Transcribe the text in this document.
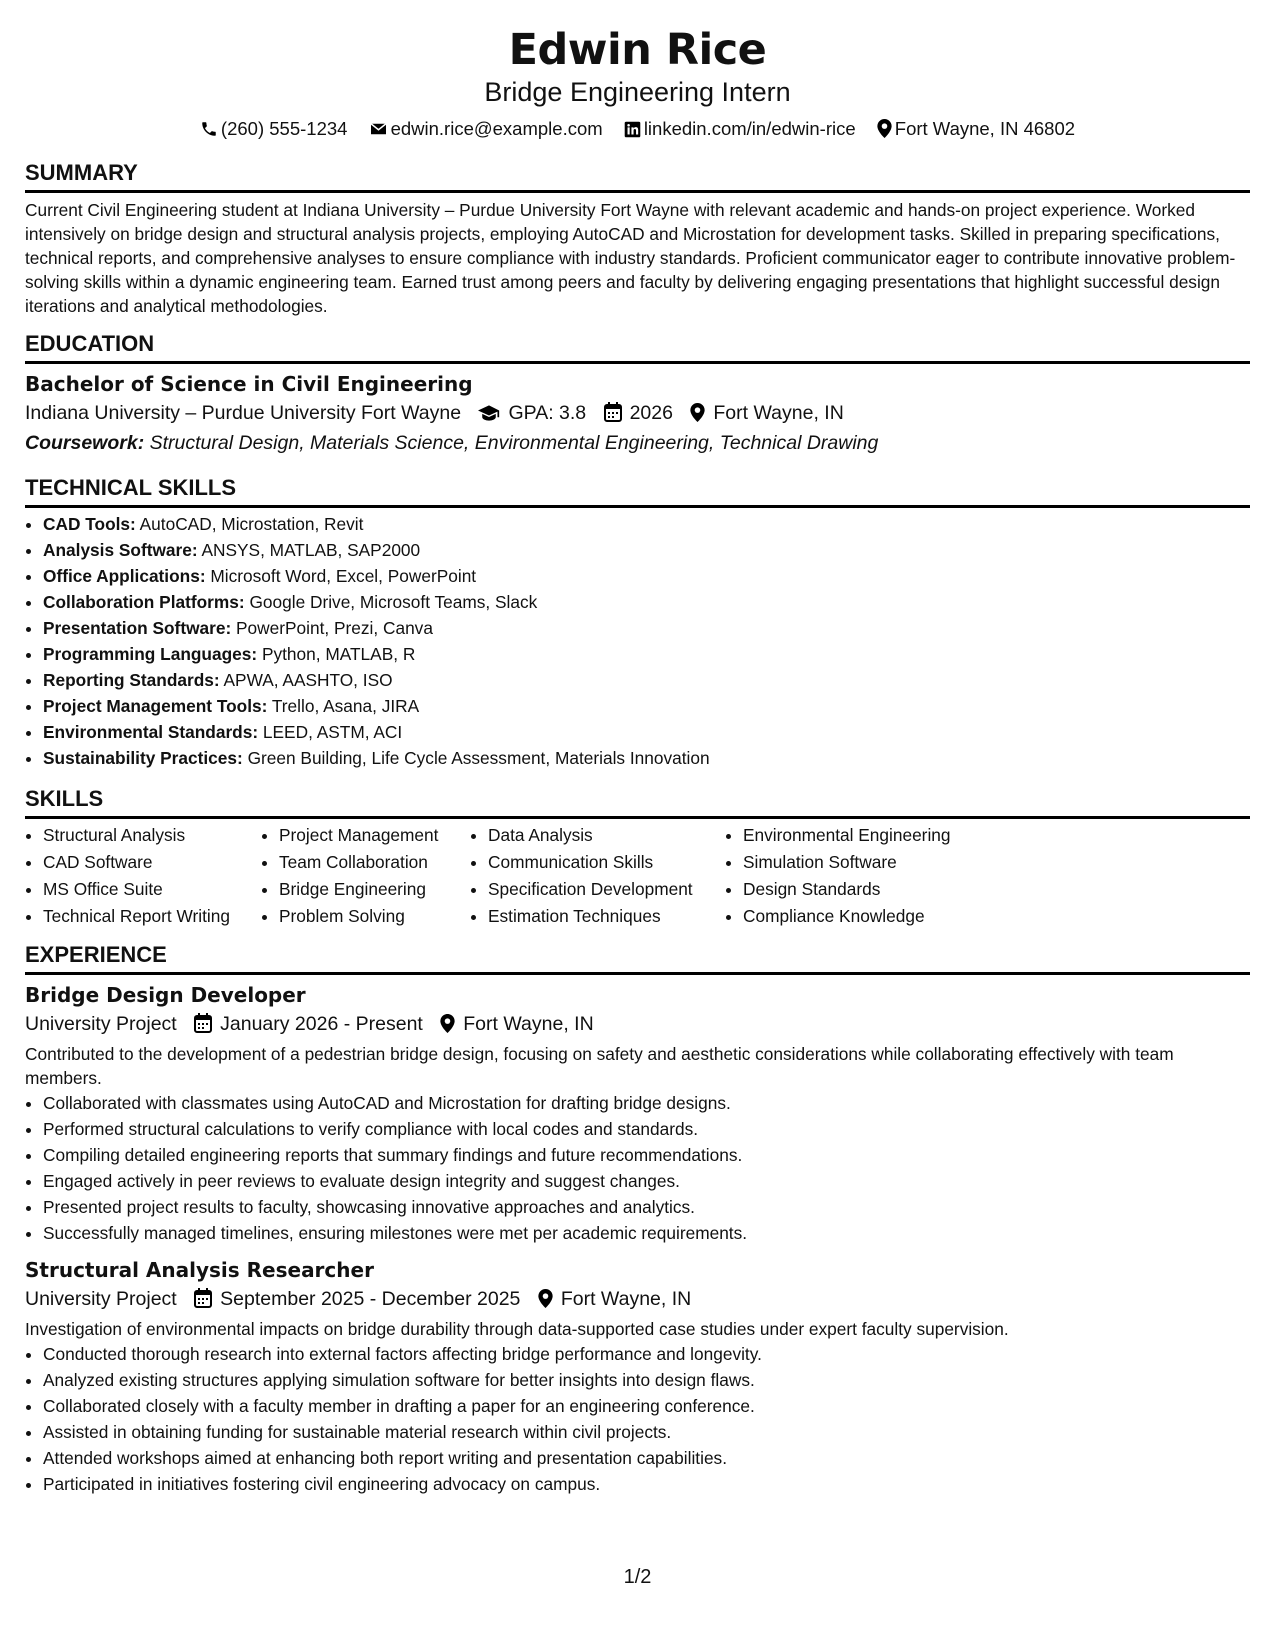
Edwin Rice
Bridge Engineering Intern
(260) 555-1234 edwin.rice@example.com linkedin.com/in/edwin-rice Fort Wayne, IN 46802
SUMMARY

Current Civil Engineering student at Indiana University – Purdue University Fort Wayne with relevant academic and hands-on project experience. Worked intensively on bridge design and structural analysis projects, employing AutoCAD and Microstation for development tasks. Skilled in preparing specifications, technical reports, and comprehensive analyses to ensure compliance with industry standards. Proficient communicator eager to contribute innovative problem-solving skills within a dynamic engineering team. Earned trust among peers and faculty by delivering engaging presentations that highlight successful design iterations and analytical methodologies.

EDUCATION
Bachelor of Science in Civil Engineering
Indiana University – Purdue University Fort Wayne GPA: 3.8 2026 Fort Wayne, IN
Coursework: Structural Design, Materials Science, Environmental Engineering, Technical Drawing
TECHNICAL SKILLS
• CAD Tools: AutoCAD, Microstation, Revit
• Analysis Software: ANSYS, MATLAB, SAP2000
• Office Applications: Microsoft Word, Excel, PowerPoint
• Collaboration Platforms: Google Drive, Microsoft Teams, Slack
• Presentation Software: PowerPoint, Prezi, Canva
• Programming Languages: Python, MATLAB, R
• Reporting Standards: APWA, AASHTO, ISO
• Project Management Tools: Trello, Asana, JIRA
• Environmental Standards: LEED, ASTM, ACI
• Sustainability Practices: Green Building, Life Cycle Assessment, Materials Innovation
SKILLS
• Structural Analysis
• CAD Software
• MS Office Suite
• Technical Report Writing
• Project Management
• Team Collaboration
• Bridge Engineering
• Problem Solving
• Data Analysis
• Communication Skills
• Specification Development
• Estimation Techniques
• Environmental Engineering
• Simulation Software
• Design Standards
• Compliance Knowledge
EXPERIENCE
Bridge Design Developer
University Project January 2026 - Present Fort Wayne, IN

Contributed to the development of a pedestrian bridge design, focusing on safety and aesthetic considerations while collaborating effectively with team members.

• Collaborated with classmates using AutoCAD and Microstation for drafting bridge designs.
• Performed structural calculations to verify compliance with local codes and standards.
• Compiling detailed engineering reports that summary findings and future recommendations.
• Engaged actively in peer reviews to evaluate design integrity and suggest changes.
• Presented project results to faculty, showcasing innovative approaches and analytics.
• Successfully managed timelines, ensuring milestones were met per academic requirements.
Structural Analysis Researcher
University Project September 2025 - December 2025 Fort Wayne, IN

Investigation of environmental impacts on bridge durability through data-supported case studies under expert faculty supervision.

• Conducted thorough research into external factors affecting bridge performance and longevity.
• Analyzed existing structures applying simulation software for better insights into design flaws.
• Collaborated closely with a faculty member in drafting a paper for an engineering conference.
• Assisted in obtaining funding for sustainable material research within civil projects.
• Attended workshops aimed at enhancing both report writing and presentation capabilities.
• Participated in initiatives fostering civil engineering advocacy on campus.
1/2
